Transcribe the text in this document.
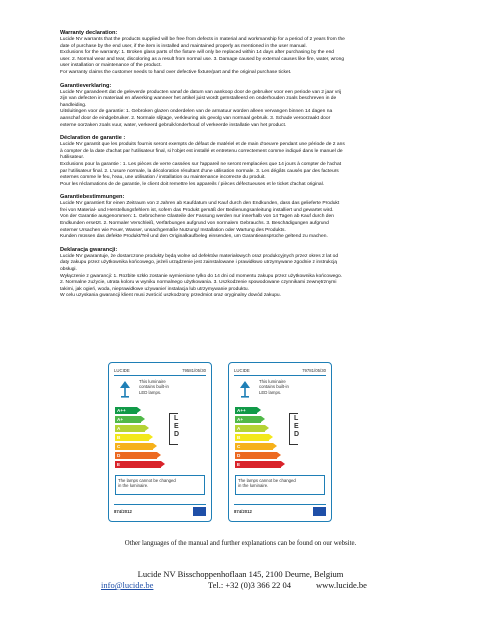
Warranty declaration:

Lucide NV warrants that the products supplied will be free from defects in material and workmanship for a period of 2 years from the

date of purchase by the end user, if the item is installed and maintained properly as mentioned in the user manual.

Exclusions for the warranty: 1. Broken glass parts of the fixture will only be replaced within 14 days after purchasing by the end

user. 2. Normal wear and tear, discoloring as a result from normal use. 3. Damage caused by external causes like fire, water, wrong

user installation or maintenance of the product.

For warranty claims the customer needs to hand over defective fixture/part and the original purchase ticket.

Garantieverklaring:

Lucide NV garandeert dat de geleverde producten vanaf de datum van aankoop door de gebruiker voor een periode van 2 jaar vrij

zijn van defecten in materiaal en afwerking wanneer het artikel juist wordt geïnstalleerd en onderhouden zoals beschreven in de

handleiding.

Uitsluitingen voor de garantie: 1. Gebroken glazen onderdelen van de armatuur worden alleen vervangen binnen 14 dagen na

aanschaf door de eindgebruiker. 2. Normale slijtage, verkleuring als gevolg van normaal gebruik. 3. Schade veroorzaakt door

externe oorzaken zoals vuur, water, verkeerd gebruik/onderhoud of verkeerde installatie van het product.

Déclaration de garantie :

Lucide NV garantit que les produits fournis seront exempts de défaut de matériel et de main d'oeuvre pendant une période de 2 ans

à compter de la date d'achat par l'utilisateur final, si l'objet est installé et entretenu correctement comme indiqué dans le manuel de

l'utilisateur.

Exclusions pour la garantie : 1. Les pièces de verre cassées sur l'appareil ne seront remplacées que 14 jours à compter de l'achat

par l'utilisateur final. 2. L'usure normale, la décoloration résultant d'une utilisation normale. 3. Les dégâts causés par des facteurs

externes comme le feu, l'eau, une utilisation / installation ou maintenance incorrecte du produit.

Pour les réclamations de de garantie, le client doit remettre les appareils / pièces défectueuses et le ticket d'achat original.

Garantiebestimmungen:

Lucide NV garantiert für einen Zeitraum von 2 Jahren ab Kaufdatum und Kauf durch den Endkunden, dass das gelieferte Produkt

frei von Material- und Herstellungsfehlern ist, sofern das Produkt gemäß der Bedienungsanleitung installiert und gewartet wird.

Von der Garantie ausgenommen: 1. Gebrochene Glasteile der Fassung werden nur innerhalb von 14 Tagen ab Kauf durch den

Endkunden ersetzt. 2. Normaler Verschleiß, Verfärbungen aufgrund von normalem Gebrauchs. 3. Beschädigungen aufgrund

externer Ursachen wie Feuer, Wasser, unsachgemäße Nutzung/ Installation oder Wartung des Produkts.

Kunden müssen das defekte Produkt/Teil und den Originalkaufbeleg einsenden, um Garantieansprüche geltend zu machen.

Deklaracja gwarancji:

Lucide NV gwarantuje, że dostarczone produkty będą wolne od defektów materiałowych oraz produkcyjnych przez okres 2 lat od

daty zakupu przez użytkownika końcowego, jeżeli urządzenie jest zainstalowane i prawidłowo utrzymywane zgodnie z instrukcją

obsługi.

Wyłączenie z gwarancji: 1. Rozbite szkło zostanie wymienione tylko do 14 dni od momentu zakupu przez użytkownika końcowego.

2. Normalne zużycie, utrata koloru w wyniku normalnego użytkowania. 3. Uszkodzenie spowodowane czynnikami zewnętrznymi

takimi, jak ogień, woda, nieprawidłowe używanie/ instalacja lub utrzymywanie produktu.

W celu uzyskania gwarancji klient musi zwrócić uszkodzony przedmiot oraz oryginalny dowód zakupu.

LUCIDE	79581/05/30
This luminaire
contains built-in
LED lamps.
A++
A+
A
B
C
D
E
L
E
D
The lamps cannot be changed
in the luminaire.
874/2012
LUCIDE	79781/05/30
This luminaire
contains built-in
LED lamps.
A++
A+
A
B
C
D
E
L
E
D
The lamps cannot be changed
in the luminaire.
874/2012
Other languages of the manual and further explanations can be found on our website.
Lucide NV Bisschoppenhoflaan 145, 2100 Deurne, Belgium
info@lucide.be	Tel.: +32 (0)3 366 22 04	www.lucide.be
